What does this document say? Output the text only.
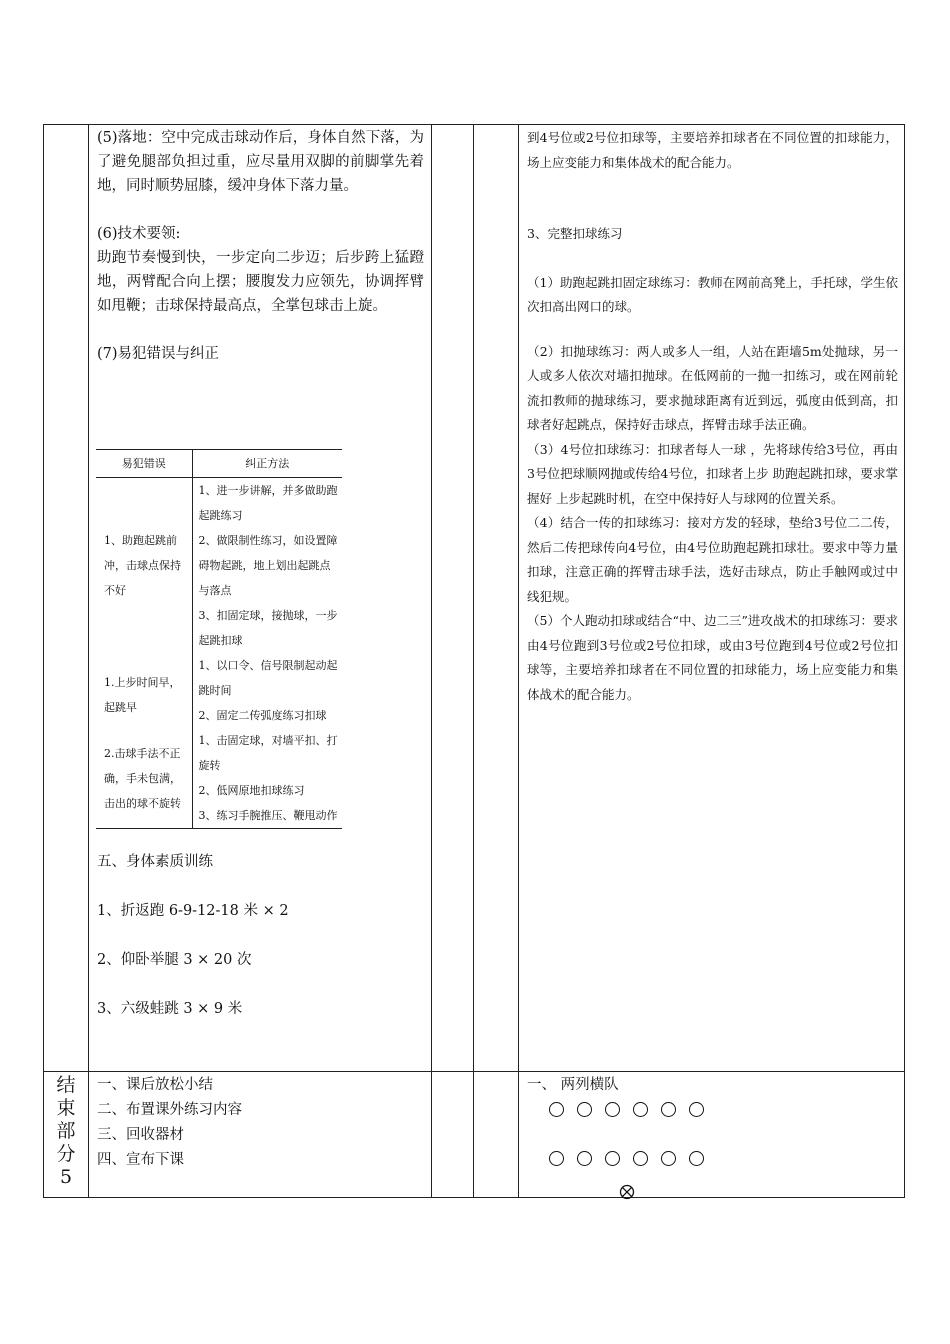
(5)落地：空中完成击球动作后，身体自然下落，为了避免腿部负担过重，应尽量用双脚的前脚掌先着地，同时顺势屈膝，缓冲身体下落力量。

(6)技术要领:

助跑节奏慢到快，一步定向二步迈；后步跨上猛蹬地，两臂配合向上摆；腰腹发力应领先，协调挥臂如甩鞭；击球保持最高点，全掌包球击上旋。

(7)易犯错误与纠正

易犯错误	纠正方法
1、助跑起跳前冲，击球点保持不好	1、进一步讲解，并多做助跑起跳练习
2、做限制性练习，如设置障碍物起跳，地上划出起跳点与落点
3、扣固定球，接抛球，一步起跳扣球

1.上步时间早，起跳早	1、以口令、信号限制起动起跳时间
2、固定二传弧度练习扣球

2.击球手法不正确，手未包满，击出的球不旋转	1、击固定球，对墙平扣、打旋转
2、低网原地扣球练习
3、练习手腕推压、鞭甩动作

五、身体素质训练

1、折返跑 6-9-12-18 米 × 2

2、仰卧举腿 3 × 20 次

3、六级蛙跳 3 × 9 米

到4号位或2号位扣球等，主要培养扣球者在不同位置的扣球能力，场上应变能力和集体战术的配合能力。

3、完整扣球练习

（1）助跑起跳扣固定球练习：教师在网前高凳上，手托球，学生依次扣高出网口的球。

（2）扣抛球练习：两人或多人一组，人站在距墙5m处抛球，另一人或多人依次对墙扣抛球。在低网前的一抛一扣练习，或在网前轮流扣教师的抛球练习，要求抛球距离有近到远，弧度由低到高，扣球者好起跳点，保持好击球点，挥臂击球手法正确。

（3）4号位扣球练习：扣球者每人一球 ，先将球传给3号位，再由3号位把球顺网抛或传给4号位，扣球者上步 助跑起跳扣球，要求掌握好 上步起跳时机，在空中保持好人与球网的位置关系。

（4）结合一传的扣球练习：接对方发的轻球，垫给3号位二二传，然后二传把球传向4号位，由4号位助跑起跳扣球壮。要求中等力量扣球，注意正确的挥臂击球手法，选好击球点，防止手触网或过中线犯规。

（5）个人跑动扣球或结合“中、边二三”进攻战术的扣球练习：要求由4号位跑到3号位或2号位扣球，或由3号位跑到4号位或2号位扣球等，主要培养扣球者在不同位置的扣球能力，场上应变能力和集体战术的配合能力。

结
束
部
分
5
一、课后放松小结
二、布置课外练习内容
三、回收器材
四、宣布下课
一、 两列横队
